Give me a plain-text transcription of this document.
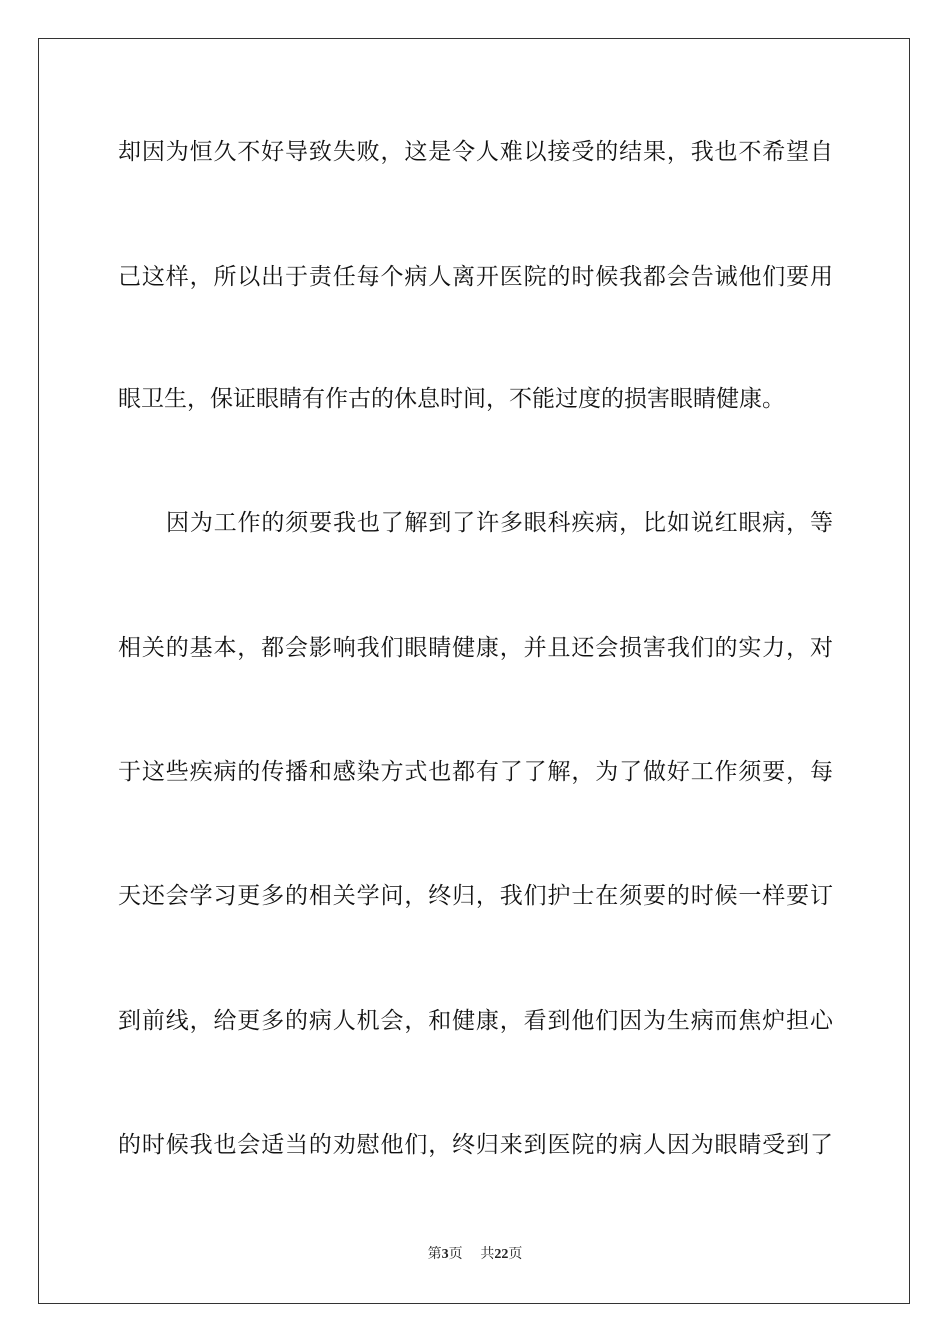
却因为恒久不好导致失败，这是令人难以接受的结果，我也不希望自
己这样，所以出于责任每个病人离开医院的时候我都会告诫他们要用
眼卫生，保证眼睛有作古的休息时间，不能过度的损害眼睛健康。
因为工作的须要我也了解到了许多眼科疾病，比如说红眼病，等
相关的基本，都会影响我们眼睛健康，并且还会损害我们的实力，对
于这些疾病的传播和感染方式也都有了了解，为了做好工作须要，每
天还会学习更多的相关学问，终归，我们护士在须要的时候一样要订
到前线，给更多的病人机会，和健康，看到他们因为生病而焦炉担心
的时候我也会适当的劝慰他们，终归来到医院的病人因为眼睛受到了
第3页 共22页
